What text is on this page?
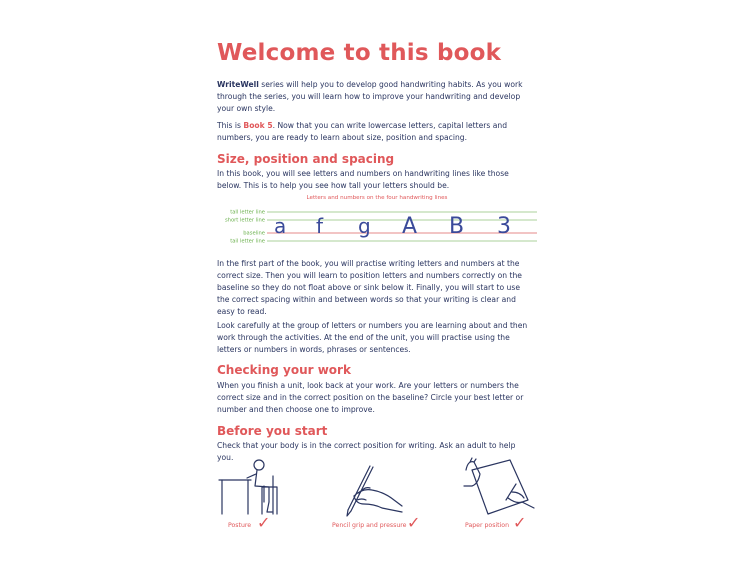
Welcome to this book

WriteWell series will help you to develop good handwriting habits. As you work through the series, you will learn how to improve your handwriting and develop your own style.

This is Book 5. Now that you can write lowercase letters, capital letters and numbers, you are ready to learn about size, position and spacing.

Size, position and spacing

In this book, you will see letters and numbers on handwriting lines like those below. This is to help you see how tall your letters should be.

Letters and numbers on the four handwriting lines
tall letter line
short letter line
baseline
tail letter line
a f g A B 3

In the first part of the book, you will practise writing letters and numbers at the correct size. Then you will learn to position letters and numbers correctly on the baseline so they do not float above or sink below it. Finally, you will start to use the correct spacing within and between words so that your writing is clear and easy to read.

Look carefully at the group of letters or numbers you are learning about and then work through the activities. At the end of the unit, you will practise using the letters or numbers in words, phrases or sentences.

Checking your work

When you finish a unit, look back at your work. Are your letters or numbers the correct size and in the correct position on the baseline? Circle your best letter or number and then choose one to improve.

Before you start

Check that your body is in the correct position for writing. Ask an adult to help you.

Posture ✓	Pencil grip and pressure ✓	Paper position ✓
